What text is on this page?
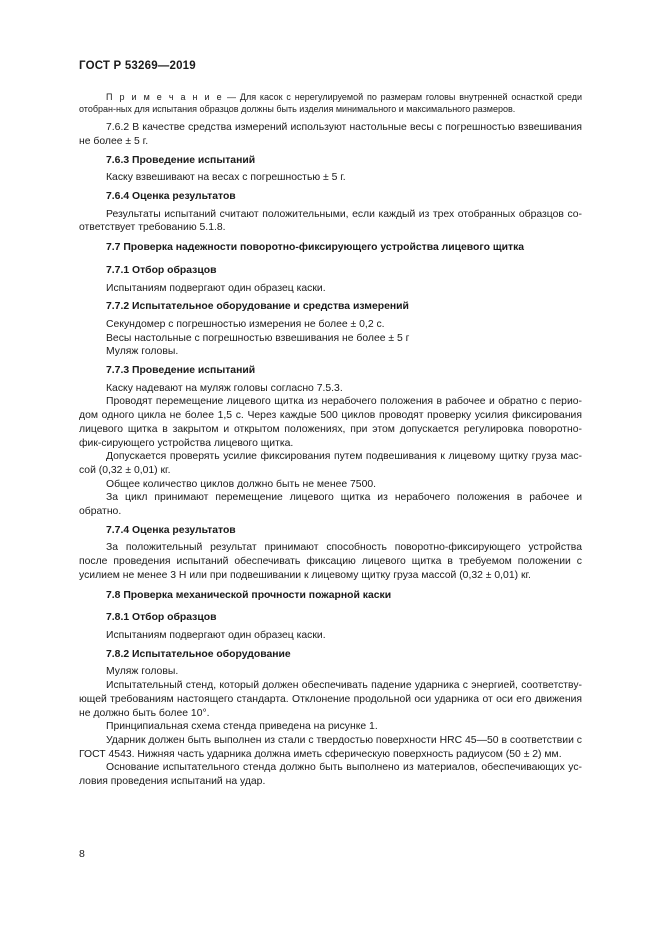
ГОСТ Р 53269—2019

П р и м е ч а н и е — Для касок с нерегулируемой по размерам головы внутренней оснасткой среди отобран-ных для испытания образцов должны быть изделия минимального и максимального размеров.

7.6.2 В качестве средства измерений используют настольные весы с погрешностью взвешивания не более ± 5 г.

7.6.3 Проведение испытаний

Каску взвешивают на весах с погрешностью ± 5 г.

7.6.4 Оценка результатов

Результаты испытаний считают положительными, если каждый из трех отобранных образцов со-ответствует требованию 5.1.8.

7.7 Проверка надежности поворотно-фиксирующего устройства лицевого щитка
7.7.1 Отбор образцов

Испытаниям подвергают один образец каски.

7.7.2 Испытательное оборудование и средства измерений

Секундомер с погрешностью измерения не более ± 0,2 с.

Весы настольные с погрешностью взвешивания не более ± 5 г

Муляж головы.

7.7.3 Проведение испытаний

Каску надевают на муляж головы согласно 7.5.3.

Проводят перемещение лицевого щитка из нерабочего положения в рабочее и обратно с перио-дом одного цикла не более 1,5 с. Через каждые 500 циклов проводят проверку усилия фиксирования лицевого щитка в закрытом и открытом положениях, при этом допускается регулировка поворотно-фик-сирующего устройства лицевого щитка.

Допускается проверять усилие фиксирования путем подвешивания к лицевому щитку груза мас-сой (0,32 ± 0,01) кг.

Общее количество циклов должно быть не менее 7500.

За цикл принимают перемещение лицевого щитка из нерабочего положения в рабочее и обратно.

7.7.4 Оценка результатов

За положительный результат принимают способность поворотно-фиксирующего устройства после проведения испытаний обеспечивать фиксацию лицевого щитка в требуемом положении с усилием не менее 3 Н или при подвешивании к лицевому щитку груза массой (0,32 ± 0,01) кг.

7.8 Проверка механической прочности пожарной каски
7.8.1 Отбор образцов

Испытаниям подвергают один образец каски.

7.8.2 Испытательное оборудование

Муляж головы.

Испытательный стенд, который должен обеспечивать падение ударника с энергией, соответству-ющей требованиям настоящего стандарта. Отклонение продольной оси ударника от оси его движения не должно быть более 10°.

Принципиальная схема стенда приведена на рисунке 1.

Ударник должен быть выполнен из стали с твердостью поверхности HRC 45—50 в соответствии с ГОСТ 4543. Нижняя часть ударника должна иметь сферическую поверхность радиусом (50 ± 2) мм.

Основание испытательного стенда должно быть выполнено из материалов, обеспечивающих ус-ловия проведения испытаний на удар.

8
